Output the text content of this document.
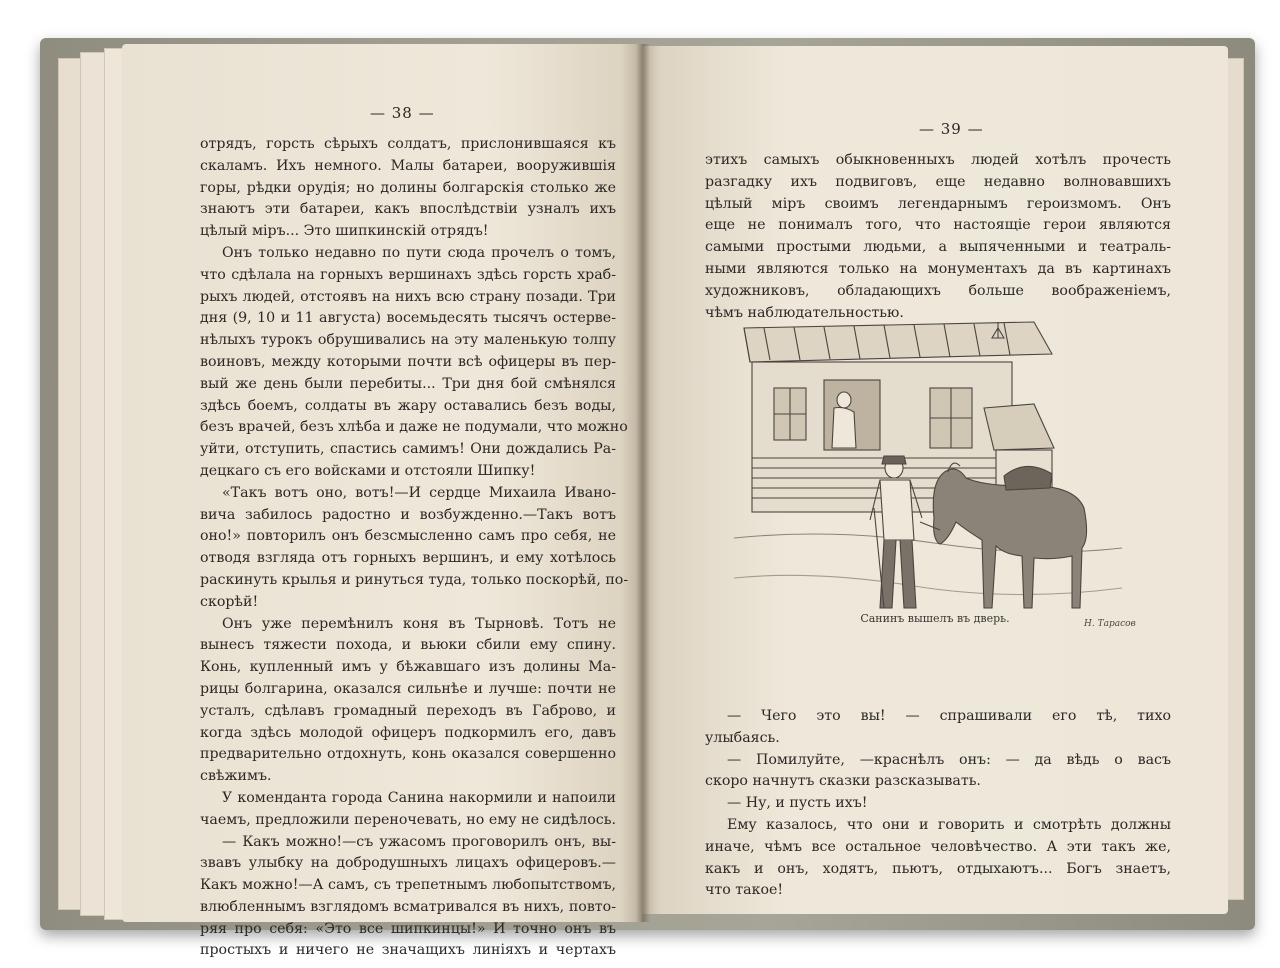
— 38 —
отрядъ, горсть сѣрыхъ солдатъ, прислонившаяся къ
скаламъ. Ихъ немного. Малы батареи, вооружившія
горы, рѣдки орудія; но долины болгарскія столько же
знаютъ эти батареи, какъ впослѣдствіи узналъ ихъ
цѣлый міръ... Это шипкинскій отрядъ!
Онъ только недавно по пути сюда прочелъ о томъ,
что сдѣлала на горныхъ вершинахъ здѣсь горсть храб-
рыхъ людей, отстоявъ на нихъ всю страну позади. Три
дня (9, 10 и 11 августа) восемьдесять тысячъ остерве-
нѣлыхъ турокъ обрушивались на эту маленькую толпу
воиновъ, между которыми почти всѣ офицеры въ пер-
вый же день были перебиты... Три дня бой смѣнялся
здѣсь боемъ, солдаты въ жару оставались безъ воды,
безъ врачей, безъ хлѣба и даже не подумали, что можно
уйти, отступить, спастись самимъ! Они дождались Ра-
децкаго съ его войсками и отстояли Шипку!
«Такъ вотъ оно, вотъ!—И сердце Михаила Ивано-
вича забилось радостно и возбужденно.—Такъ вотъ
оно!» повторилъ онъ безсмысленно самъ про себя, не
отводя взгляда отъ горныхъ вершинъ, и ему хотѣлось
раскинуть крылья и ринуться туда, только поскорѣй, по-
скорѣй!
Онъ уже перемѣнилъ коня въ Тырновѣ. Тотъ не
вынесъ тяжести похода, и вьюки сбили ему спину.
Конь, купленный имъ у бѣжавшаго изъ долины Ма-
рицы болгарина, оказался сильнѣе и лучше: почти не
усталъ, сдѣлавъ громадный переходъ въ Габрово, и
когда здѣсь молодой офицеръ подкормилъ его, давъ
предварительно отдохнуть, конь оказался совершенно
свѣжимъ.
У коменданта города Санина накормили и напоили
чаемъ, предложили переночевать, но ему не сидѣлось.
— Какъ можно!—съ ужасомъ проговорилъ онъ, вы-
звавъ улыбку на добродушныхъ лицахъ офицеровъ.—
Какъ можно!—А самъ, съ трепетнымъ любопытствомъ,
влюбленнымъ взглядомъ всматривался въ нихъ, повто-
ряя про себя: «Это все шипкинцы!» И точно онъ въ
простыхъ и ничего не значащихъ линіяхъ и чертахъ
— 39 —
этихъ самыхъ обыкновенныхъ людей хотѣлъ прочесть
разгадку ихъ подвиговъ, еще недавно волновавшихъ
цѣлый міръ своимъ легендарнымъ героизмомъ. Онъ
еще не понималъ того, что настоящіе герои являются
самыми простыми людьми, а выпяченными и театраль-
ными являются только на монументахъ да въ картинахъ
художниковъ, обладающихъ больше воображеніемъ,
чѣмъ наблюдательностью.
Н. Тарасов
— Чего это вы! — спрашивали его тѣ, тихо
улыбаясь.
— Помилуйте, —краснѣлъ онъ: — да вѣдь о васъ
скоро начнутъ сказки разсказывать.
— Ну, и пусть ихъ!
Ему казалось, что они и говорить и смотрѣть должны
иначе, чѣмъ все остальное человѣчество. А эти такъ же,
какъ и онъ, ходятъ, пьютъ, отдыхаютъ... Богъ знаетъ,
что такое!
Санинъ вышелъ въ дверь.
